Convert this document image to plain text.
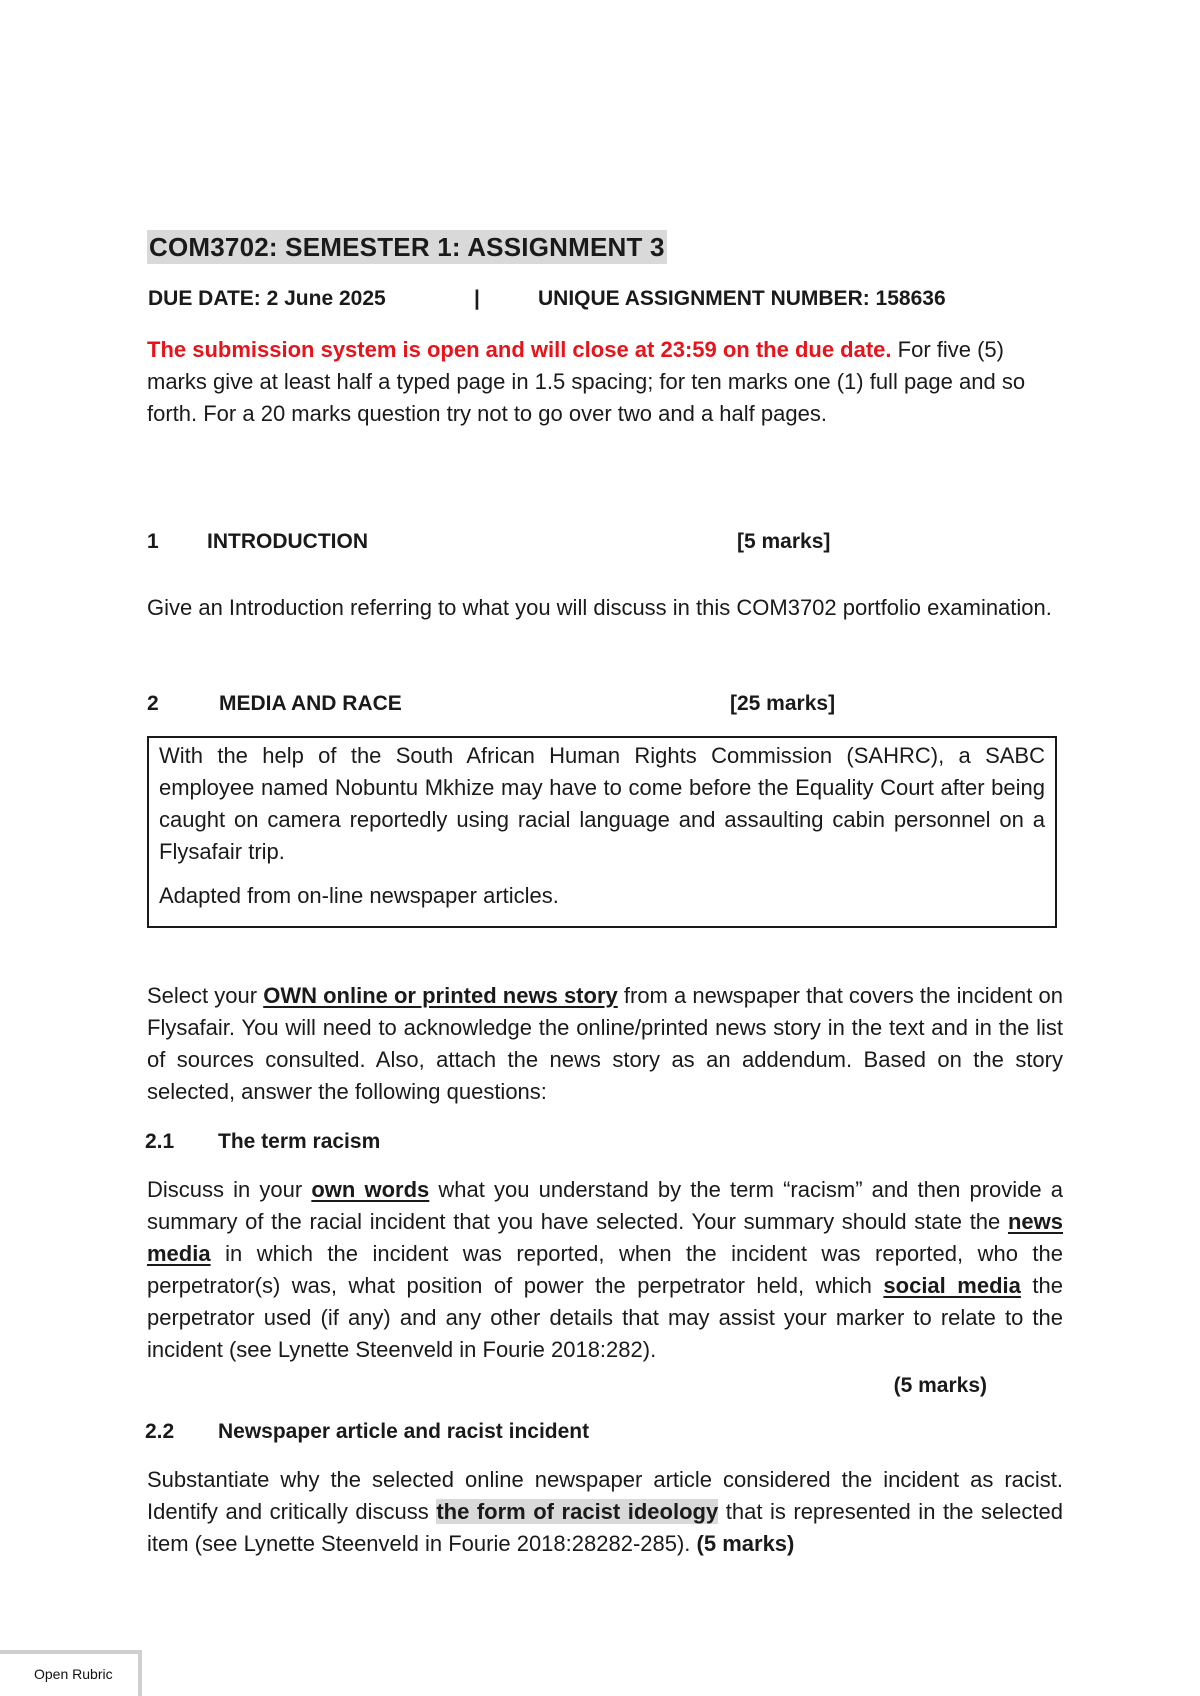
COM3702: SEMESTER 1: ASSIGNMENT 3
DUE DATE: 2 June 2025	|	UNIQUE ASSIGNMENT NUMBER: 158636
The submission system is open and will close at 23:59 on the due date. For five (5) marks give at least half a typed page in 1.5 spacing; for ten marks one (1) full page and so forth. For a 20 marks question try not to go over two and a half pages.
1 INTRODUCTION	[5 marks]
Give an Introduction referring to what you will discuss in this COM3702 portfolio examination.
2	MEDIA AND RACE	[25 marks]
With the help of the South African Human Rights Commission (SAHRC), a SABC employee named Nobuntu Mkhize may have to come before the Equality Court after being caught on camera reportedly using racial language and assaulting cabin personnel on a Flysafair trip.
Adapted from on-line newspaper articles.
Select your OWN online or printed news story from a newspaper that covers the incident on Flysafair. You will need to acknowledge the online/printed news story in the text and in the list of sources consulted. Also, attach the news story as an addendum. Based on the story selected, answer the following questions:
2.1 The term racism
Discuss in your own words what you understand by the term “racism” and then provide a summary of the racial incident that you have selected. Your summary should state the news media in which the incident was reported, when the incident was reported, who the perpetrator(s) was, what position of power the perpetrator held, which social media the perpetrator used (if any) and any other details that may assist your marker to relate to the incident (see Lynette Steenveld in Fourie 2018:282).
(5 marks)
2.2 Newspaper article and racist incident
Substantiate why the selected online newspaper article considered the incident as racist. Identify and critically discuss the form of racist ideology that is represented in the selected item (see Lynette Steenveld in Fourie 2018:28282-285). (5 marks)
Open Rubric
